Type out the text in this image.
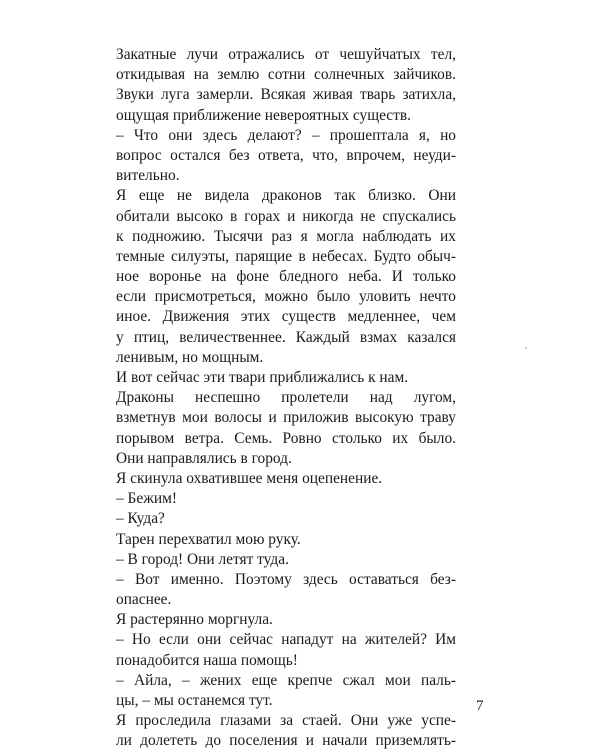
Закатные лучи отражались от чешуйчатых тел,
откидывая на землю сотни солнечных зайчиков.
Звуки луга замерли. Всякая живая тварь затихла,
ощущая приближение невероятных существ.
– Что они здесь делают? – прошептала я, но
вопрос остался без ответа, что, впрочем, неуди-
вительно.
Я еще не видела драконов так близко. Они
обитали высоко в горах и никогда не спускались
к подножию. Тысячи раз я могла наблюдать их
темные силуэты, парящие в небесах. Будто обыч-
ное воронье на фоне бледного неба. И только
если присмотреться, можно было уловить нечто
иное. Движения этих существ медленнее, чем
у птиц, величественнее. Каждый взмах казался
ленивым, но мощным.
И вот сейчас эти твари приближались к нам.
Драконы неспешно пролетели над лугом,
взметнув мои волосы и приложив высокую траву
порывом ветра. Семь. Ровно столько их было.
Они направлялись в город.
Я скинула охватившее меня оцепенение.
– Бежим!
– Куда?
Тарен перехватил мою руку.
– В город! Они летят туда.
– Вот именно. Поэтому здесь оставаться без-
опаснее.
Я растерянно моргнула.
– Но если они сейчас нападут на жителей? Им
понадобится наша помощь!
– Айла, – жених еще крепче сжал мои паль-
цы, – мы останемся тут.
Я проследила глазами за стаей. Они уже успе-
ли долететь до поселения и начали приземлять-
7
